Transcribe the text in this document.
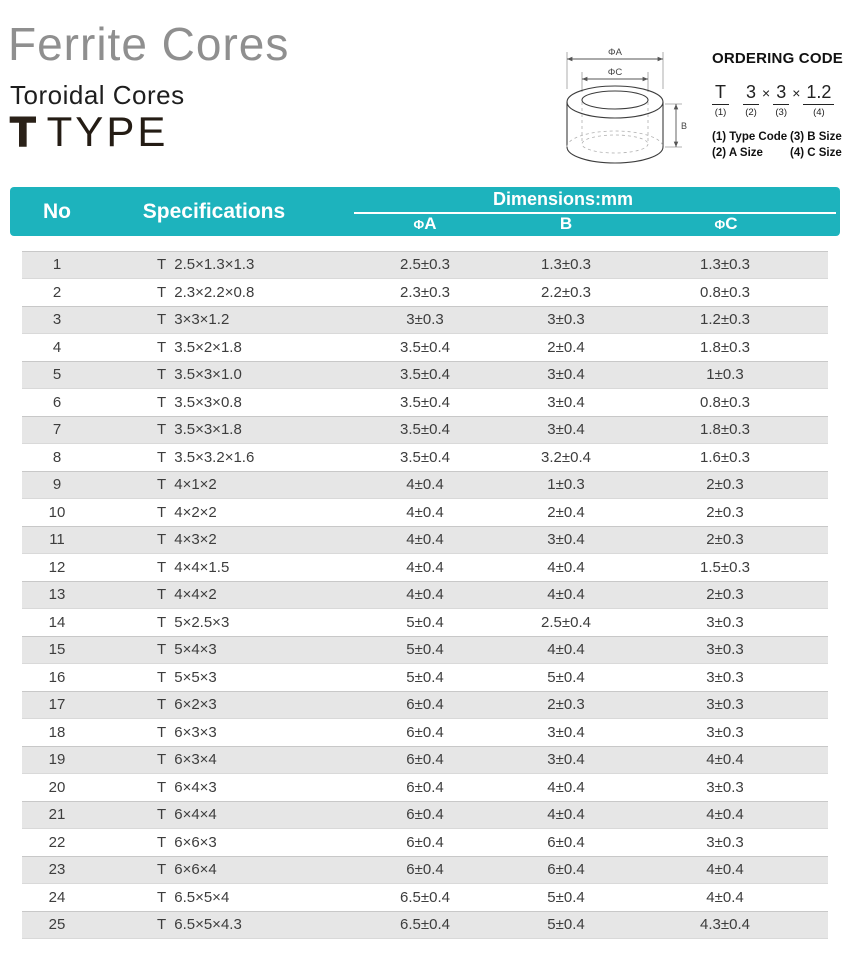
Ferrite Cores
Toroidal Cores
T TYPE
ΦA
ΦC
B
ORDERING CODE
T
(1)
3
(2)
× 3
(3)
× 1.2
(4)
(1) Type Code (3) B Size
(2) A Size	(4) C Size
No	Specifications
Dimensions:mm
ΦA	B	ΦC
1	T  2.5×1.3×1.3	2.5±0.3	1.3±0.3	1.3±0.3
2	T  2.3×2.2×0.8	2.3±0.3	2.2±0.3	0.8±0.3
3	T  3×3×1.2	3±0.3	3±0.3	1.2±0.3
4	T  3.5×2×1.8	3.5±0.4	2±0.4	1.8±0.3
5	T  3.5×3×1.0	3.5±0.4	3±0.4	1±0.3
6	T  3.5×3×0.8	3.5±0.4	3±0.4	0.8±0.3
7	T  3.5×3×1.8	3.5±0.4	3±0.4	1.8±0.3
8	T  3.5×3.2×1.6	3.5±0.4	3.2±0.4	1.6±0.3
9	T  4×1×2	4±0.4	1±0.3	2±0.3
10	T  4×2×2	4±0.4	2±0.4	2±0.3
11	T  4×3×2	4±0.4	3±0.4	2±0.3
12	T  4×4×1.5	4±0.4	4±0.4	1.5±0.3
13	T  4×4×2	4±0.4	4±0.4	2±0.3
14	T  5×2.5×3	5±0.4	2.5±0.4	3±0.3
15	T  5×4×3	5±0.4	4±0.4	3±0.3
16	T  5×5×3	5±0.4	5±0.4	3±0.3
17	T  6×2×3	6±0.4	2±0.3	3±0.3
18	T  6×3×3	6±0.4	3±0.4	3±0.3
19	T  6×3×4	6±0.4	3±0.4	4±0.4
20	T  6×4×3	6±0.4	4±0.4	3±0.3
21	T  6×4×4	6±0.4	4±0.4	4±0.4
22	T  6×6×3	6±0.4	6±0.4	3±0.3
23	T  6×6×4	6±0.4	6±0.4	4±0.4
24	T  6.5×5×4	6.5±0.4	5±0.4	4±0.4
25	T  6.5×5×4.3	6.5±0.4	5±0.4	4.3±0.4
